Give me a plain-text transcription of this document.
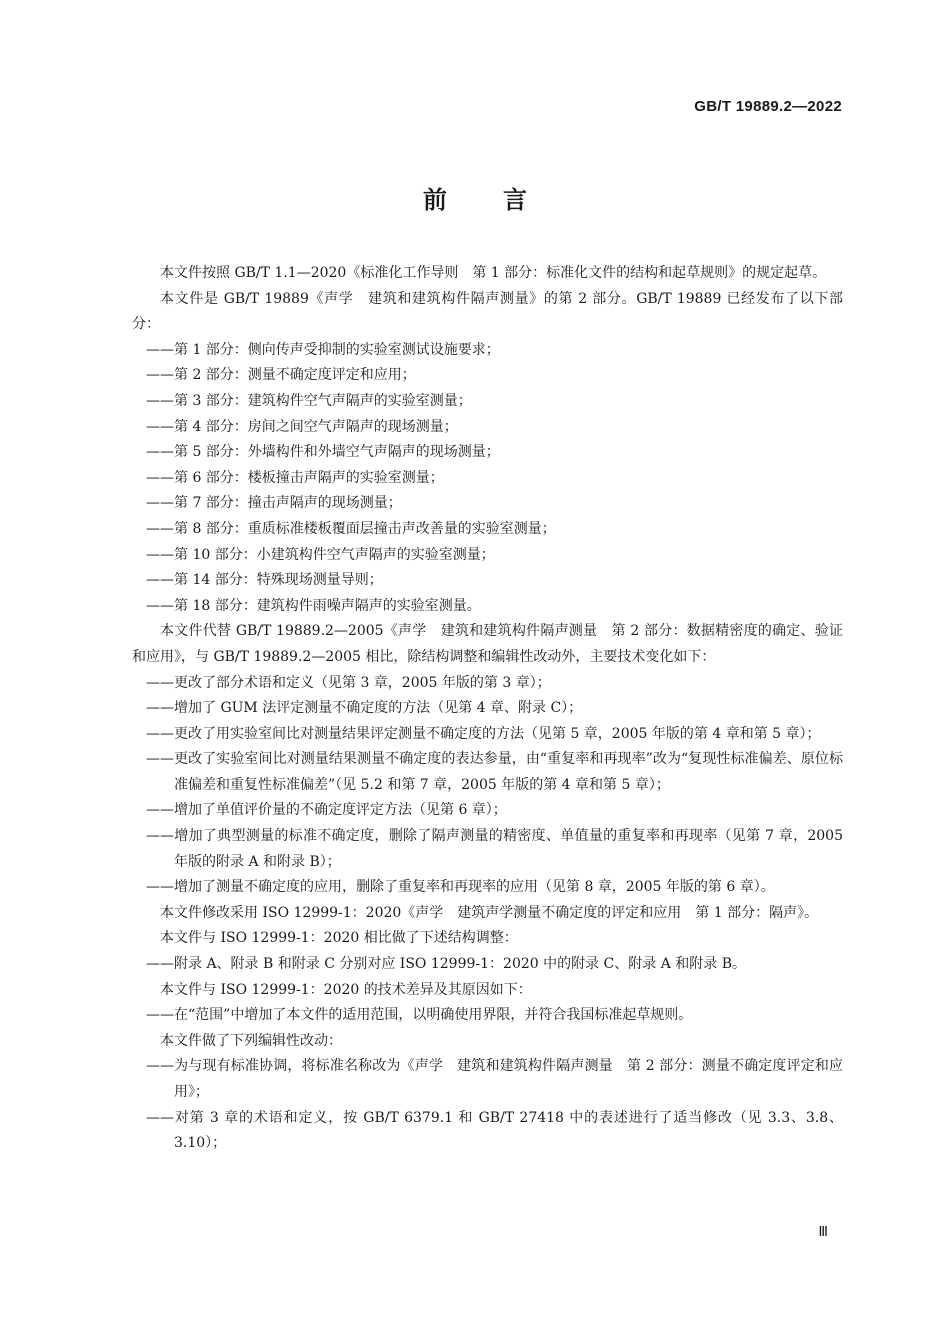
GB/T 19889.2—2022
前言

本文件按照 GB/T 1.1—2020《标准化工作导则　第 1 部分：标准化文件的结构和起草规则》的规定起草。

本文件是 GB/T 19889《声学　建筑和建筑构件隔声测量》的第 2 部分。GB/T 19889 已经发布了以下部分：

——第 1 部分：侧向传声受抑制的实验室测试设施要求；

——第 2 部分：测量不确定度评定和应用；

——第 3 部分：建筑构件空气声隔声的实验室测量；

——第 4 部分：房间之间空气声隔声的现场测量；

——第 5 部分：外墙构件和外墙空气声隔声的现场测量；

——第 6 部分：楼板撞击声隔声的实验室测量；

——第 7 部分：撞击声隔声的现场测量；

——第 8 部分：重质标准楼板覆面层撞击声改善量的实验室测量；

——第 10 部分：小建筑构件空气声隔声的实验室测量；

——第 14 部分：特殊现场测量导则；

——第 18 部分：建筑构件雨噪声隔声的实验室测量。

本文件代替 GB/T 19889.2—2005《声学　建筑和建筑构件隔声测量　第 2 部分：数据精密度的确定、验证和应用》，与 GB/T 19889.2—2005 相比，除结构调整和编辑性改动外，主要技术变化如下：

——更改了部分术语和定义（见第 3 章，2005 年版的第 3 章）；

——增加了 GUM 法评定测量不确定度的方法（见第 4 章、附录 C）；

——更改了用实验室间比对测量结果评定测量不确定度的方法（见第 5 章，2005 年版的第 4 章和第 5 章）；

——更改了实验室间比对测量结果测量不确定度的表达参量，由“重复率和再现率”改为“复现性标准偏差、原位标准偏差和重复性标准偏差”（见 5.2 和第 7 章，2005 年版的第 4 章和第 5 章）；

——增加了单值评价量的不确定度评定方法（见第 6 章）；

——增加了典型测量的标准不确定度，删除了隔声测量的精密度、单值量的重复率和再现率（见第 7 章，2005 年版的附录 A 和附录 B）；

——增加了测量不确定度的应用，删除了重复率和再现率的应用（见第 8 章，2005 年版的第 6 章）。

本文件修改采用 ISO 12999-1：2020《声学　建筑声学测量不确定度的评定和应用　第 1 部分：隔声》。

本文件与 ISO 12999-1：2020 相比做了下述结构调整：

——附录 A、附录 B 和附录 C 分别对应 ISO 12999-1：2020 中的附录 C、附录 A 和附录 B。

本文件与 ISO 12999-1：2020 的技术差异及其原因如下：

——在“范围”中增加了本文件的适用范围，以明确使用界限，并符合我国标准起草规则。

本文件做了下列编辑性改动：

——为与现有标准协调，将标准名称改为《声学　建筑和建筑构件隔声测量　第 2 部分：测量不确定度评定和应用》；

——对第 3 章的术语和定义，按 GB/T 6379.1 和 GB/T 27418 中的表述进行了适当修改（见 3.3、3.8、3.10）；

Ⅲ
